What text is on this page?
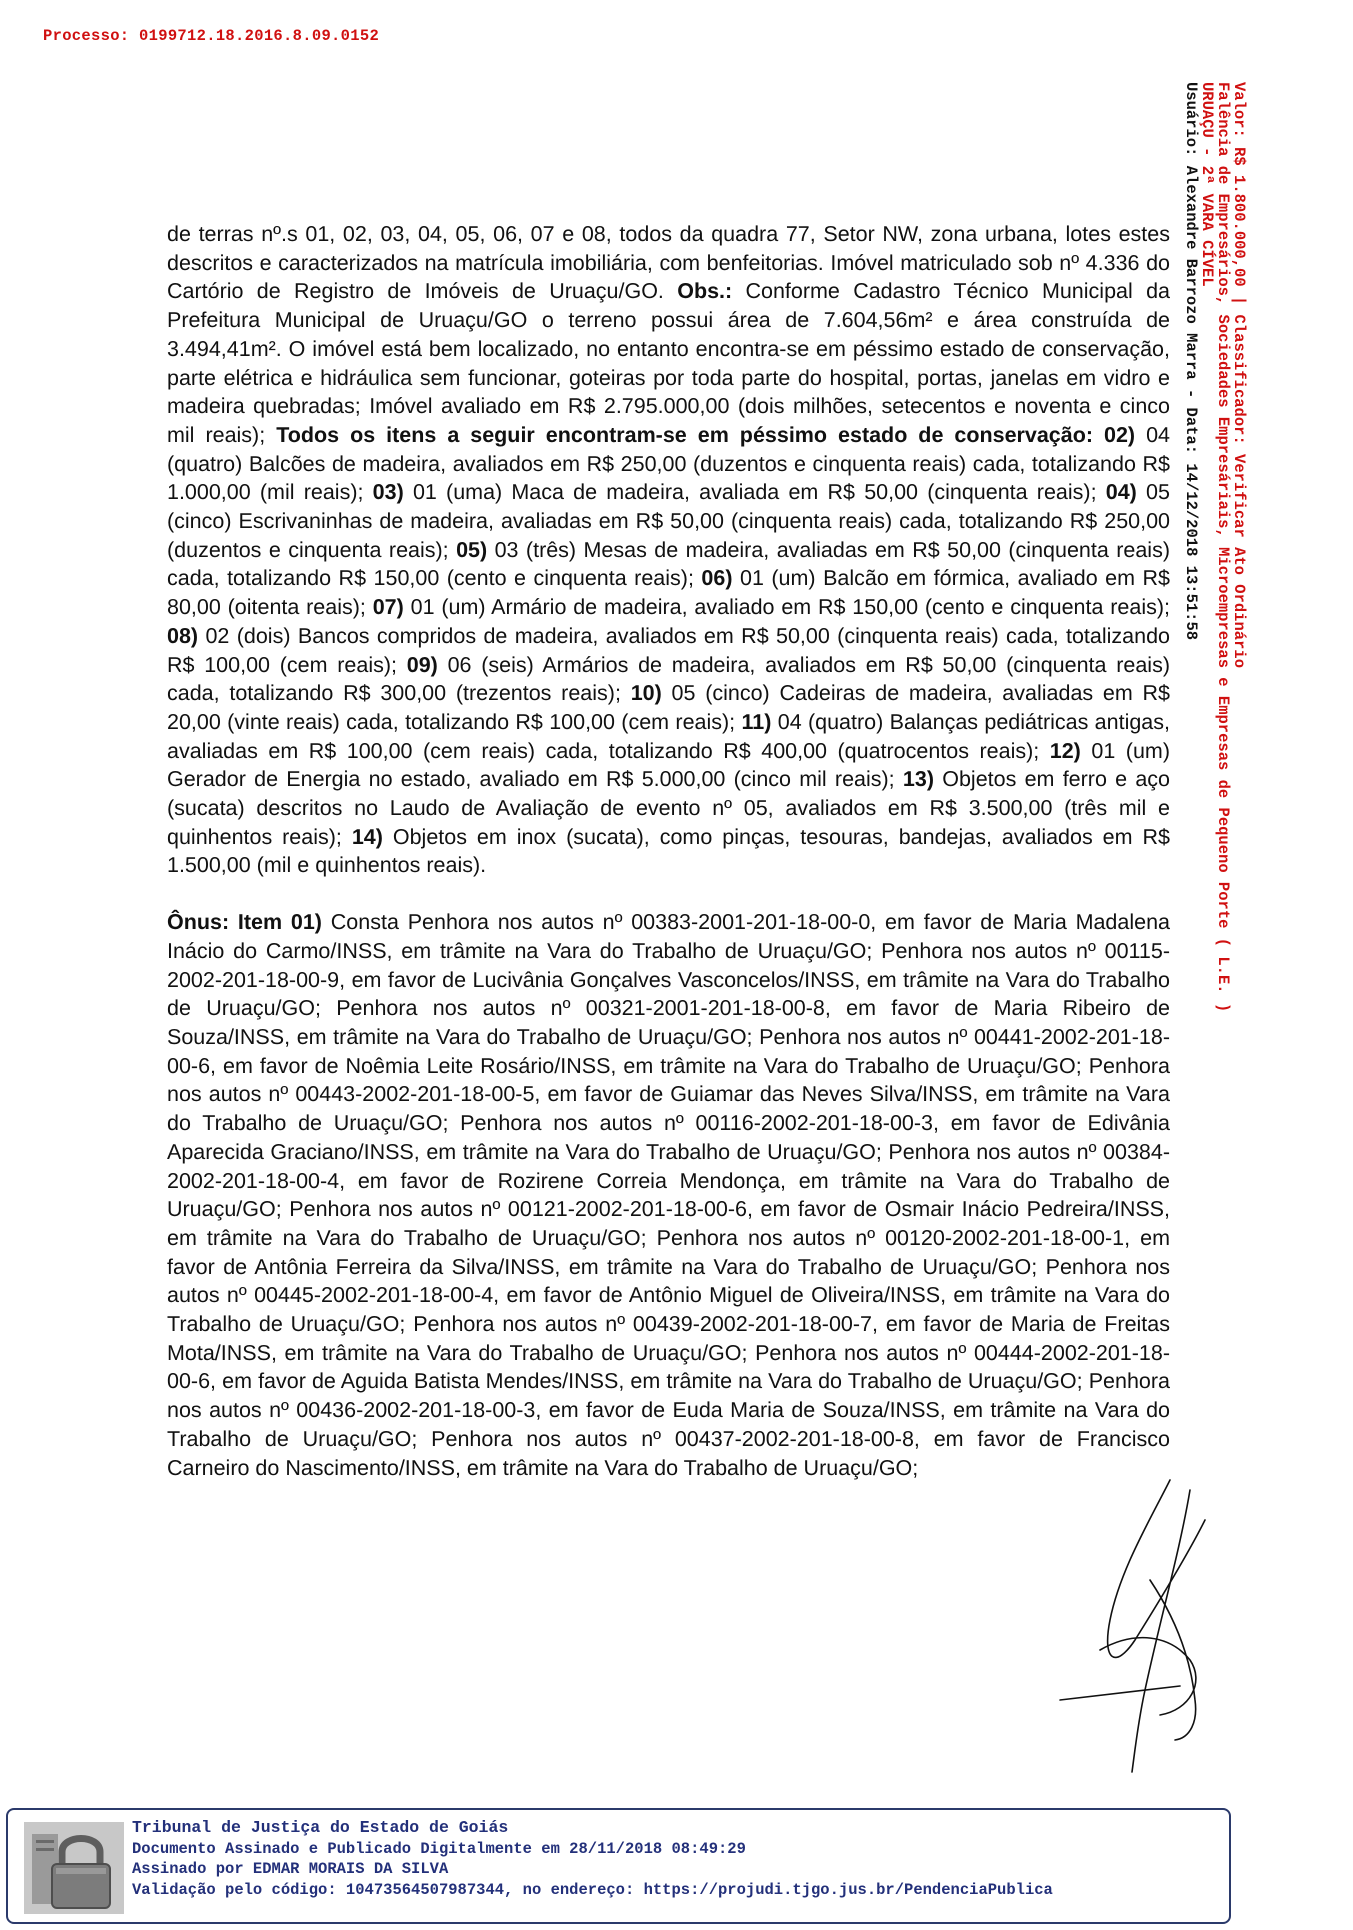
Processo: 0199712.18.2016.8.09.0152
Valor: R$ 1.800.000,00 | Classificador: Verificar Ato Ordinário
Falência de Empresários, Sociedades Empresáriais, Microempresas e Empresas de Pequeno Porte ( L.E. )
URUAÇU - 2ª VARA CÍVEL
Usuário: Alexandre Barrozo Marra - Data: 14/12/2018 13:51:58

de terras nº.s 01, 02, 03, 04, 05, 06, 07 e 08, todos da quadra 77, Setor NW, zona urbana, lotes estes descritos e caracterizados na matrícula imobiliária, com benfeitorias. Imóvel matriculado sob nº 4.336 do Cartório de Registro de Imóveis de Uruaçu/GO. Obs.: Conforme Cadastro Técnico Municipal da Prefeitura Municipal de Uruaçu/GO o terreno possui área de 7.604,56m² e área construída de 3.494,41m². O imóvel está bem localizado, no entanto encontra-se em péssimo estado de conservação, parte elétrica e hidráulica sem funcionar, goteiras por toda parte do hospital, portas, janelas em vidro e madeira quebradas; Imóvel avaliado em R$ 2.795.000,00 (dois milhões, setecentos e noventa e cinco mil reais); Todos os itens a seguir encontram-se em péssimo estado de conservação: 02) 04 (quatro) Balcões de madeira, avaliados em R$ 250,00 (duzentos e cinquenta reais) cada, totalizando R$ 1.000,00 (mil reais); 03) 01 (uma) Maca de madeira, avaliada em R$ 50,00 (cinquenta reais); 04) 05 (cinco) Escrivaninhas de madeira, avaliadas em R$ 50,00 (cinquenta reais) cada, totalizando R$ 250,00 (duzentos e cinquenta reais); 05) 03 (três) Mesas de madeira, avaliadas em R$ 50,00 (cinquenta reais) cada, totalizando R$ 150,00 (cento e cinquenta reais); 06) 01 (um) Balcão em fórmica, avaliado em R$ 80,00 (oitenta reais); 07) 01 (um) Armário de madeira, avaliado em R$ 150,00 (cento e cinquenta reais); 08) 02 (dois) Bancos compridos de madeira, avaliados em R$ 50,00 (cinquenta reais) cada, totalizando R$ 100,00 (cem reais); 09) 06 (seis) Armários de madeira, avaliados em R$ 50,00 (cinquenta reais) cada, totalizando R$ 300,00 (trezentos reais); 10) 05 (cinco) Cadeiras de madeira, avaliadas em R$ 20,00 (vinte reais) cada, totalizando R$ 100,00 (cem reais); 11) 04 (quatro) Balanças pediátricas antigas, avaliadas em R$ 100,00 (cem reais) cada, totalizando R$ 400,00 (quatrocentos reais); 12) 01 (um) Gerador de Energia no estado, avaliado em R$ 5.000,00 (cinco mil reais); 13) Objetos em ferro e aço (sucata) descritos no Laudo de Avaliação de evento nº 05, avaliados em R$ 3.500,00 (três mil e quinhentos reais); 14) Objetos em inox (sucata), como pinças, tesouras, bandejas, avaliados em R$ 1.500,00 (mil e quinhentos reais).

Ônus: Item 01) Consta Penhora nos autos nº 00383-2001-201-18-00-0, em favor de Maria Madalena Inácio do Carmo/INSS, em trâmite na Vara do Trabalho de Uruaçu/GO; Penhora nos autos nº 00115-2002-201-18-00-9, em favor de Lucivânia Gonçalves Vasconcelos/INSS, em trâmite na Vara do Trabalho de Uruaçu/GO; Penhora nos autos nº 00321-2001-201-18-00-8, em favor de Maria Ribeiro de Souza/INSS, em trâmite na Vara do Trabalho de Uruaçu/GO; Penhora nos autos nº 00441-2002-201-18-00-6, em favor de Noêmia Leite Rosário/INSS, em trâmite na Vara do Trabalho de Uruaçu/GO; Penhora nos autos nº 00443-2002-201-18-00-5, em favor de Guiamar das Neves Silva/INSS, em trâmite na Vara do Trabalho de Uruaçu/GO; Penhora nos autos nº 00116-2002-201-18-00-3, em favor de Edivânia Aparecida Graciano/INSS, em trâmite na Vara do Trabalho de Uruaçu/GO; Penhora nos autos nº 00384-2002-201-18-00-4, em favor de Rozirene Correia Mendonça, em trâmite na Vara do Trabalho de Uruaçu/GO; Penhora nos autos nº 00121-2002-201-18-00-6, em favor de Osmair Inácio Pedreira/INSS, em trâmite na Vara do Trabalho de Uruaçu/GO; Penhora nos autos nº 00120-2002-201-18-00-1, em favor de Antônia Ferreira da Silva/INSS, em trâmite na Vara do Trabalho de Uruaçu/GO; Penhora nos autos nº 00445-2002-201-18-00-4, em favor de Antônio Miguel de Oliveira/INSS, em trâmite na Vara do Trabalho de Uruaçu/GO; Penhora nos autos nº 00439-2002-201-18-00-7, em favor de Maria de Freitas Mota/INSS, em trâmite na Vara do Trabalho de Uruaçu/GO; Penhora nos autos nº 00444-2002-201-18-00-6, em favor de Aguida Batista Mendes/INSS, em trâmite na Vara do Trabalho de Uruaçu/GO; Penhora nos autos nº 00436-2002-201-18-00-3, em favor de Euda Maria de Souza/INSS, em trâmite na Vara do Trabalho de Uruaçu/GO; Penhora nos autos nº 00437-2002-201-18-00-8, em favor de Francisco Carneiro do Nascimento/INSS, em trâmite na Vara do Trabalho de Uruaçu/GO;

Tribunal de Justiça do Estado de Goiás
Documento Assinado e Publicado Digitalmente em 28/11/2018 08:49:29
Assinado por EDMAR MORAIS DA SILVA
Validação pelo código: 10473564507987344, no endereço: https://projudi.tjgo.jus.br/PendenciaPublica
